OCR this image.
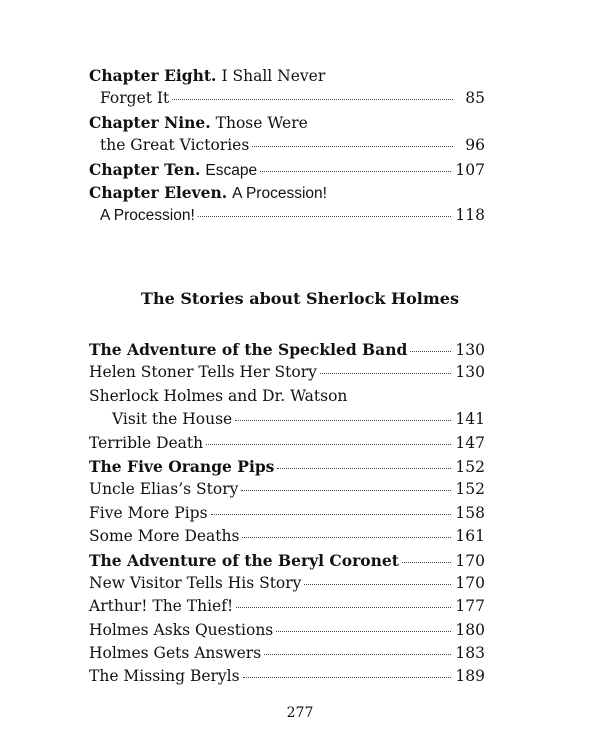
Chapter Eight. I Shall Never
Forget It	85
Chapter Nine. Those Were
the Great Victories	96
Chapter Ten. Escape	107
Chapter Eleven. A Procession!
A Procession!	118
The Stories about Sherlock Holmes
The Adventure of the Speckled Band	130
Helen Stoner Tells Her Story	130
Sherlock Holmes and Dr. Watson
Visit the House	141
Terrible Death	147
The Five Orange Pips	152
Uncle Elias’s Story	152
Five More Pips	158
Some More Deaths	161
The Adventure of the Beryl Coronet	170
New Visitor Tells His Story	170
Arthur! The Thief!	177
Holmes Asks Questions	180
Holmes Gets Answers	183
The Missing Beryls	189
277
